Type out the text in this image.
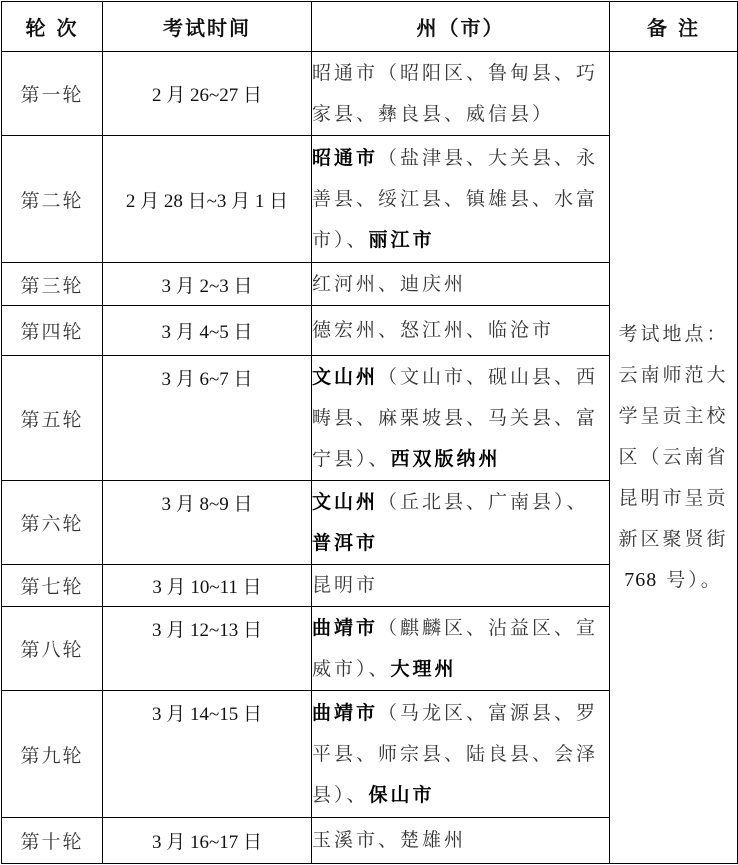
轮 次	考试时间	州（市）	备 注
第一轮	2 月 26~27 日	昭通市（昭阳区、鲁甸县、巧家县、彝良县、威信县）	考试地点：云南师范大学呈贡主校区（云南省昆明市呈贡新区聚贤街768 号）。
第二轮	2 月 28 日~3 月 1 日	昭通市（盐津县、大关县、永善县、绥江县、镇雄县、水富市）、丽江市	
第三轮	3 月 2~3 日	红河州、迪庆州	
第四轮	3 月 4~5 日	德宏州、怒江州、临沧市	
第五轮	3 月 6~7 日	文山州（文山市、砚山县、西畴县、麻栗坡县、马关县、富宁县）、西双版纳州	
第六轮	3 月 8~9 日	文山州（丘北县、广南县）、普洱市	
第七轮	3 月 10~11 日	昆明市	
第八轮	3 月 12~13 日	曲靖市（麒麟区、沾益区、宣威市）、大理州	
第九轮	3 月 14~15 日	曲靖市（马龙区、富源县、罗平县、师宗县、陆良县、会泽县）、保山市	
第十轮	3 月 16~17 日	玉溪市、楚雄州	
